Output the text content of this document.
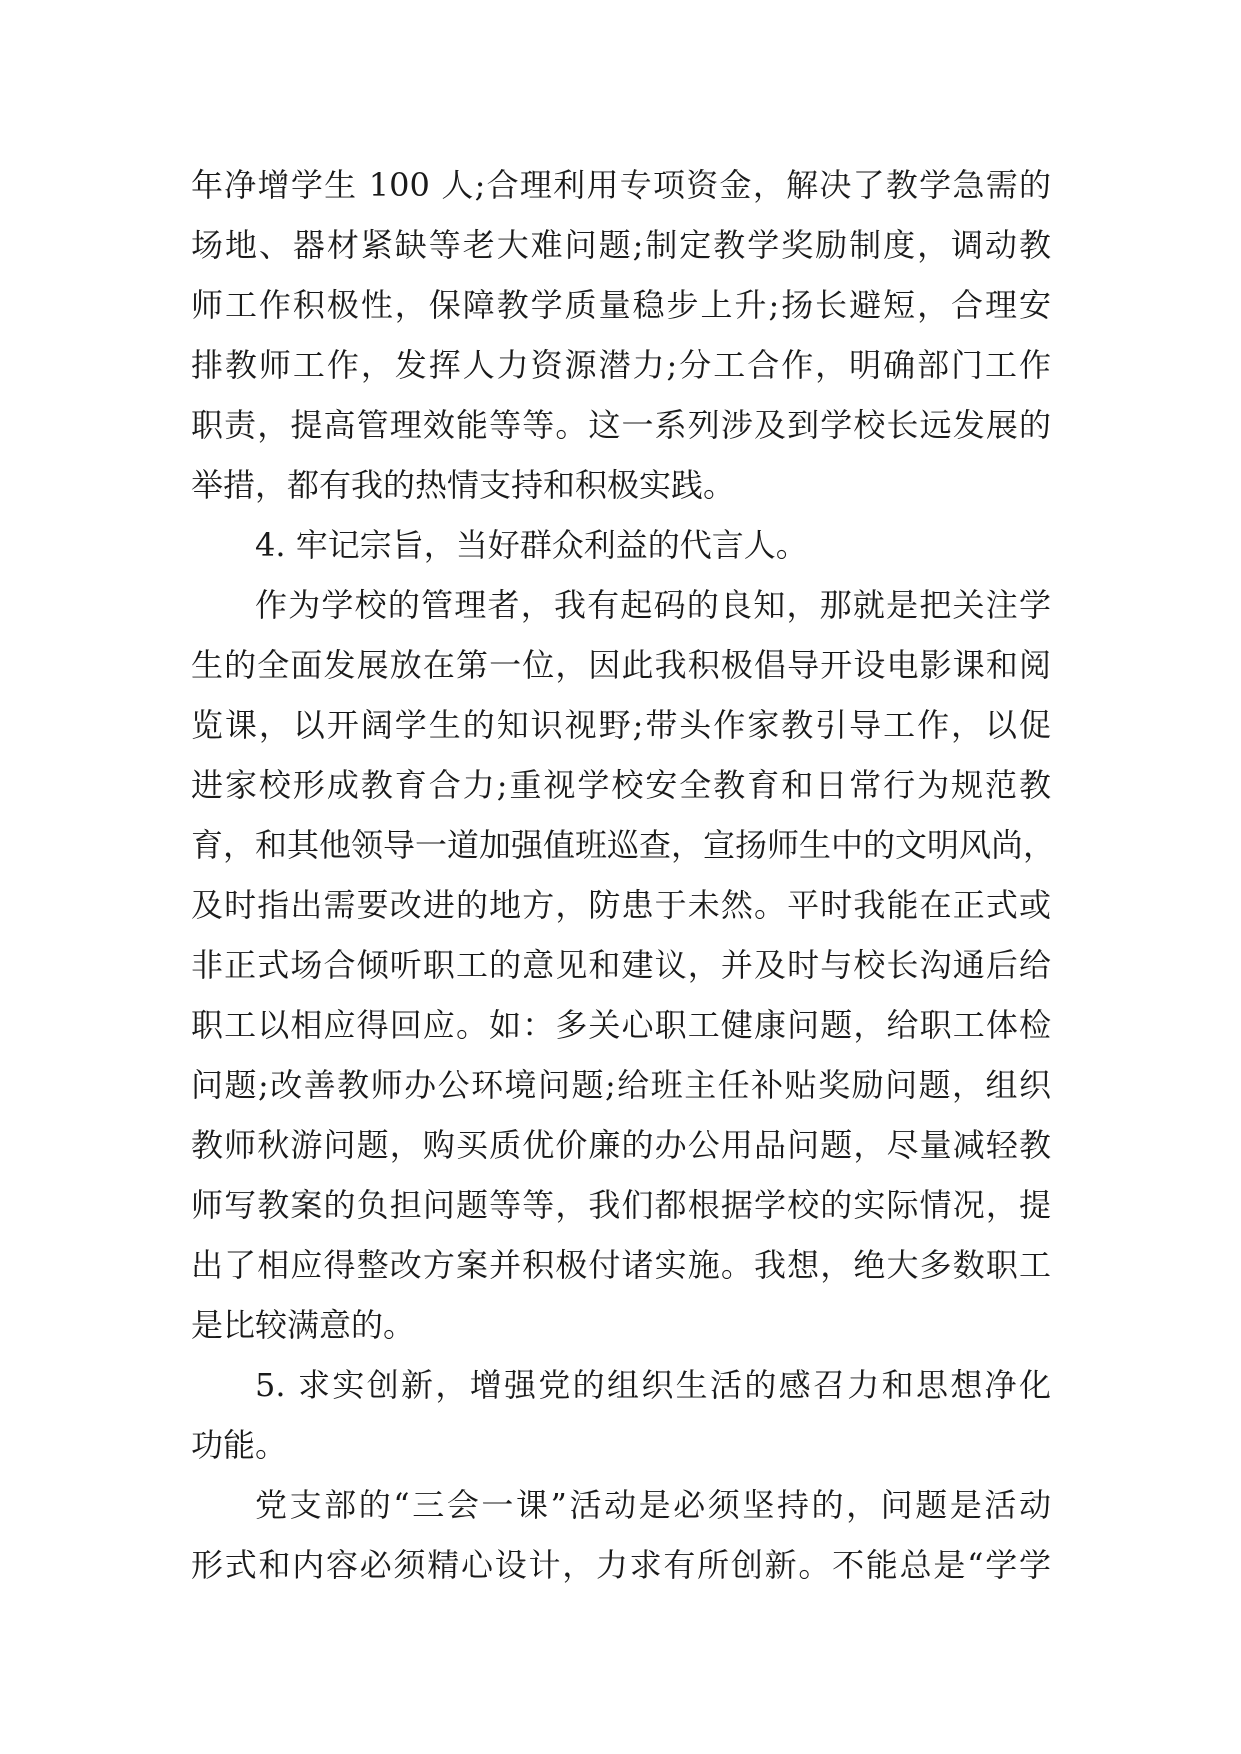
年净增学生 100 人;合理利用专项资金，解决了教学急需的
场地、器材紧缺等老大难问题;制定教学奖励制度，调动教
师工作积极性，保障教学质量稳步上升;扬长避短，合理安
排教师工作，发挥人力资源潜力;分工合作，明确部门工作
职责，提高管理效能等等。这一系列涉及到学校长远发展的
举措，都有我的热情支持和积极实践。
4. 牢记宗旨，当好群众利益的代言人。
作为学校的管理者，我有起码的良知，那就是把关注学
生的全面发展放在第一位，因此我积极倡导开设电影课和阅
览课，以开阔学生的知识视野;带头作家教引导工作，以促
进家校形成教育合力;重视学校安全教育和日常行为规范教
育，和其他领导一道加强值班巡查，宣扬师生中的文明风尚，
及时指出需要改进的地方，防患于未然。平时我能在正式或
非正式场合倾听职工的意见和建议，并及时与校长沟通后给
职工以相应得回应。如：多关心职工健康问题，给职工体检
问题;改善教师办公环境问题;给班主任补贴奖励问题，组织
教师秋游问题，购买质优价廉的办公用品问题，尽量减轻教
师写教案的负担问题等等，我们都根据学校的实际情况，提
出了相应得整改方案并积极付诸实施。我想，绝大多数职工
是比较满意的。
5. 求实创新，增强党的组织生活的感召力和思想净化
功能。
党支部的“三会一课”活动是必须坚持的，问题是活动
形式和内容必须精心设计，力求有所创新。不能总是“学学
